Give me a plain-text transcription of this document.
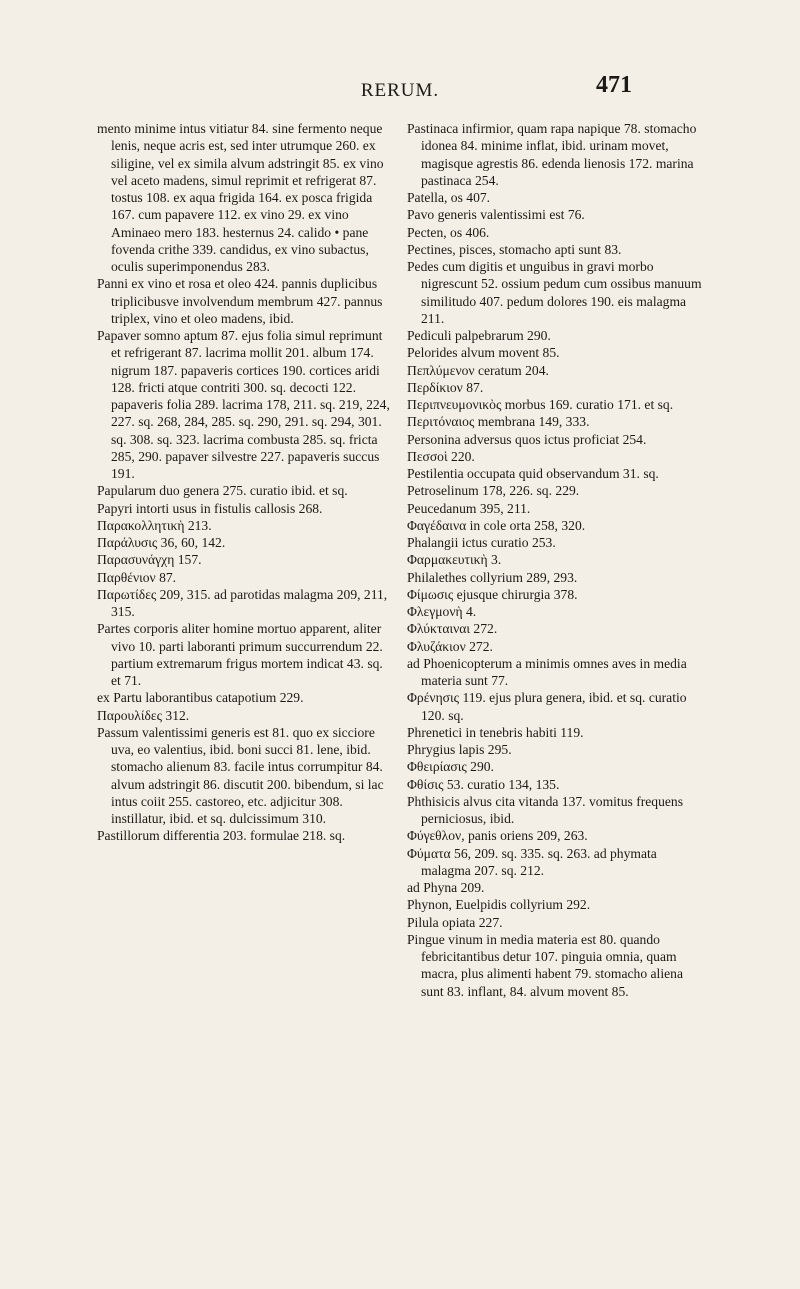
RERUM.	471

mento minime intus vitiatur 84. sine fermento neque lenis, neque acris est, sed inter utrumque 260. ex siligine, vel ex simila alvum adstringit 85. ex vino vel aceto madens, simul reprimit et refrigerat 87. tostus 108. ex aqua frigida 164. ex posca frigida 167. cum papavere 112. ex vino 29. ex vino Aminaeo mero 183. hesternus 24. calido • pane fovenda crithe 339. candidus, ex vino subactus, oculis superimponendus 283.

Panni ex vino et rosa et oleo 424. pannis duplicibus triplicibusve involvendum membrum 427. pannus triplex, vino et oleo madens, ibid.

Papaver somno aptum 87. ejus folia simul reprimunt et refrigerant 87. lacrima mollit 201. album 174. nigrum 187. papaveris cortices 190. cortices aridi 128. fricti atque contriti 300. sq. decocti 122. papaveris folia 289. lacrima 178, 211. sq. 219, 224, 227. sq. 268, 284, 285. sq. 290, 291. sq. 294, 301. sq. 308. sq. 323. lacrima combusta 285. sq. fricta 285, 290. papaver silvestre 227. papaveris succus 191.

Papularum duo genera 275. curatio ibid. et sq.

Papyri intorti usus in fistulis callosis 268.

Παρακολλητικὴ 213.

Παράλυσις 36, 60, 142.

Παρασυνάγχη 157.

Παρθένιον 87.

Παρωτίδες 209, 315. ad parotidas malagma 209, 211, 315.

Partes corporis aliter homine mortuo apparent, aliter vivo 10. parti laboranti primum succurrendum 22. partium extremarum frigus mortem indicat 43. sq. et 71.

ex Partu laborantibus catapotium 229.

Παρουλίδες 312.

Passum valentissimi generis est 81. quo ex sicciore uva, eo valentius, ibid. boni succi 81. lene, ibid. stomacho alienum 83. facile intus corrumpitur 84. alvum adstringit 86. discutit 200. bibendum, si lac intus coiit 255. castoreo, etc. adjicitur 308. instillatur, ibid. et sq. dulcissimum 310.

Pastillorum differentia 203. formulae 218. sq.

Pastinaca infirmior, quam rapa napique 78. stomacho idonea 84. minime inflat, ibid. urinam movet, magisque agrestis 86. edenda lienosis 172. marina pastinaca 254.

Patella, os 407.

Pavo generis valentissimi est 76.

Pecten, os 406.

Pectines, pisces, stomacho apti sunt 83.

Pedes cum digitis et unguibus in gravi morbo nigrescunt 52. ossium pedum cum ossibus manuum similitudo 407. pedum dolores 190. eis malagma 211.

Pediculi palpebrarum 290.

Pelorides alvum movent 85.

Πεπλύμενον ceratum 204.

Περδίκιον 87.

Περιπνευμονικὸς morbus 169. curatio 171. et sq.

Περιτόναιος membrana 149, 333.

Personina adversus quos ictus proficiat 254.

Πεσσοὶ 220.

Pestilentia occupata quid observandum 31. sq.

Petroselinum 178, 226. sq. 229.

Peucedanum 395, 211.

Φαγέδαινα in cole orta 258, 320.

Phalangii ictus curatio 253.

Φαρμακευτικὴ 3.

Philalethes collyrium 289, 293.

Φίμωσις ejusque chirurgia 378.

Φλεγμονὴ 4.

Φλύκταιναι 272.

Φλυζάκιον 272.

ad Phoenicopterum a minimis omnes aves in media materia sunt 77.

Φρένησις 119. ejus plura genera, ibid. et sq. curatio 120. sq.

Phrenetici in tenebris habiti 119.

Phrygius lapis 295.

Φθειρίασις 290.

Φθίσις 53. curatio 134, 135.

Phthisicis alvus cita vitanda 137. vomitus frequens perniciosus, ibid.

Φύγεθλον, panis oriens 209, 263.

Φύματα 56, 209. sq. 335. sq. 263. ad phymata malagma 207. sq. 212.

ad Phyna 209.

Phynon, Euelpidis collyrium 292.

Pilula opiata 227.

Pingue vinum in media materia est 80. quando febricitantibus detur 107. pinguia omnia, quam macra, plus alimenti habent 79. stomacho aliena sunt 83. inflant, 84. alvum movent 85.
